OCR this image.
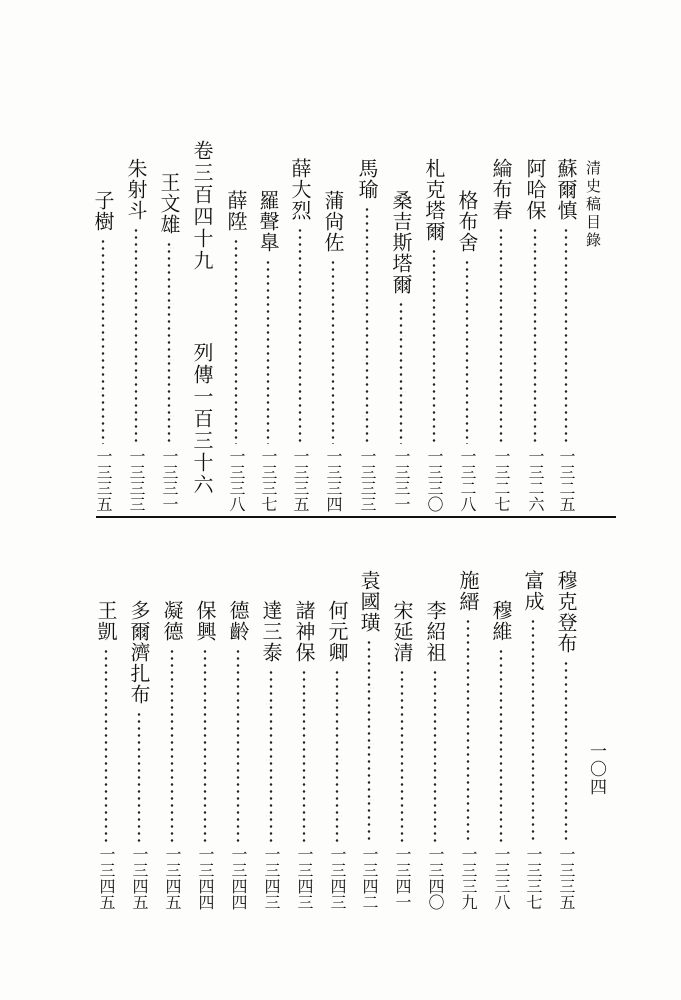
清史稿目錄
一〇四
蘇爾慎
一三二五
阿哈保
一三二六
綸布春
一三二七
格布舍
一三二八
札克塔爾
一三三〇
桑吉斯塔爾
一三三一
馬瑜
一三三三
蒲尙佐
一三三四
薛大烈
一三三五
羅聲臯
一三三七
薛陞
一三三八
卷三百四十九  列傳一百三十六
王文雄
一三三一
朱射斗
一三三三
子樹
一三三五
穆克登布
一三三五
富成
一三三七
穆維
一三三八
施縉
一三三九
李紹祖
一三四〇
宋延清
一三四一
袁國璜
一三四二
何元卿
一三四三
諸神保
一三四三
達三泰
一三四三
德齡
一三四四
保興
一三四四
凝德
一三四五
多爾濟扎布
一三四五
王凱
一三四五
